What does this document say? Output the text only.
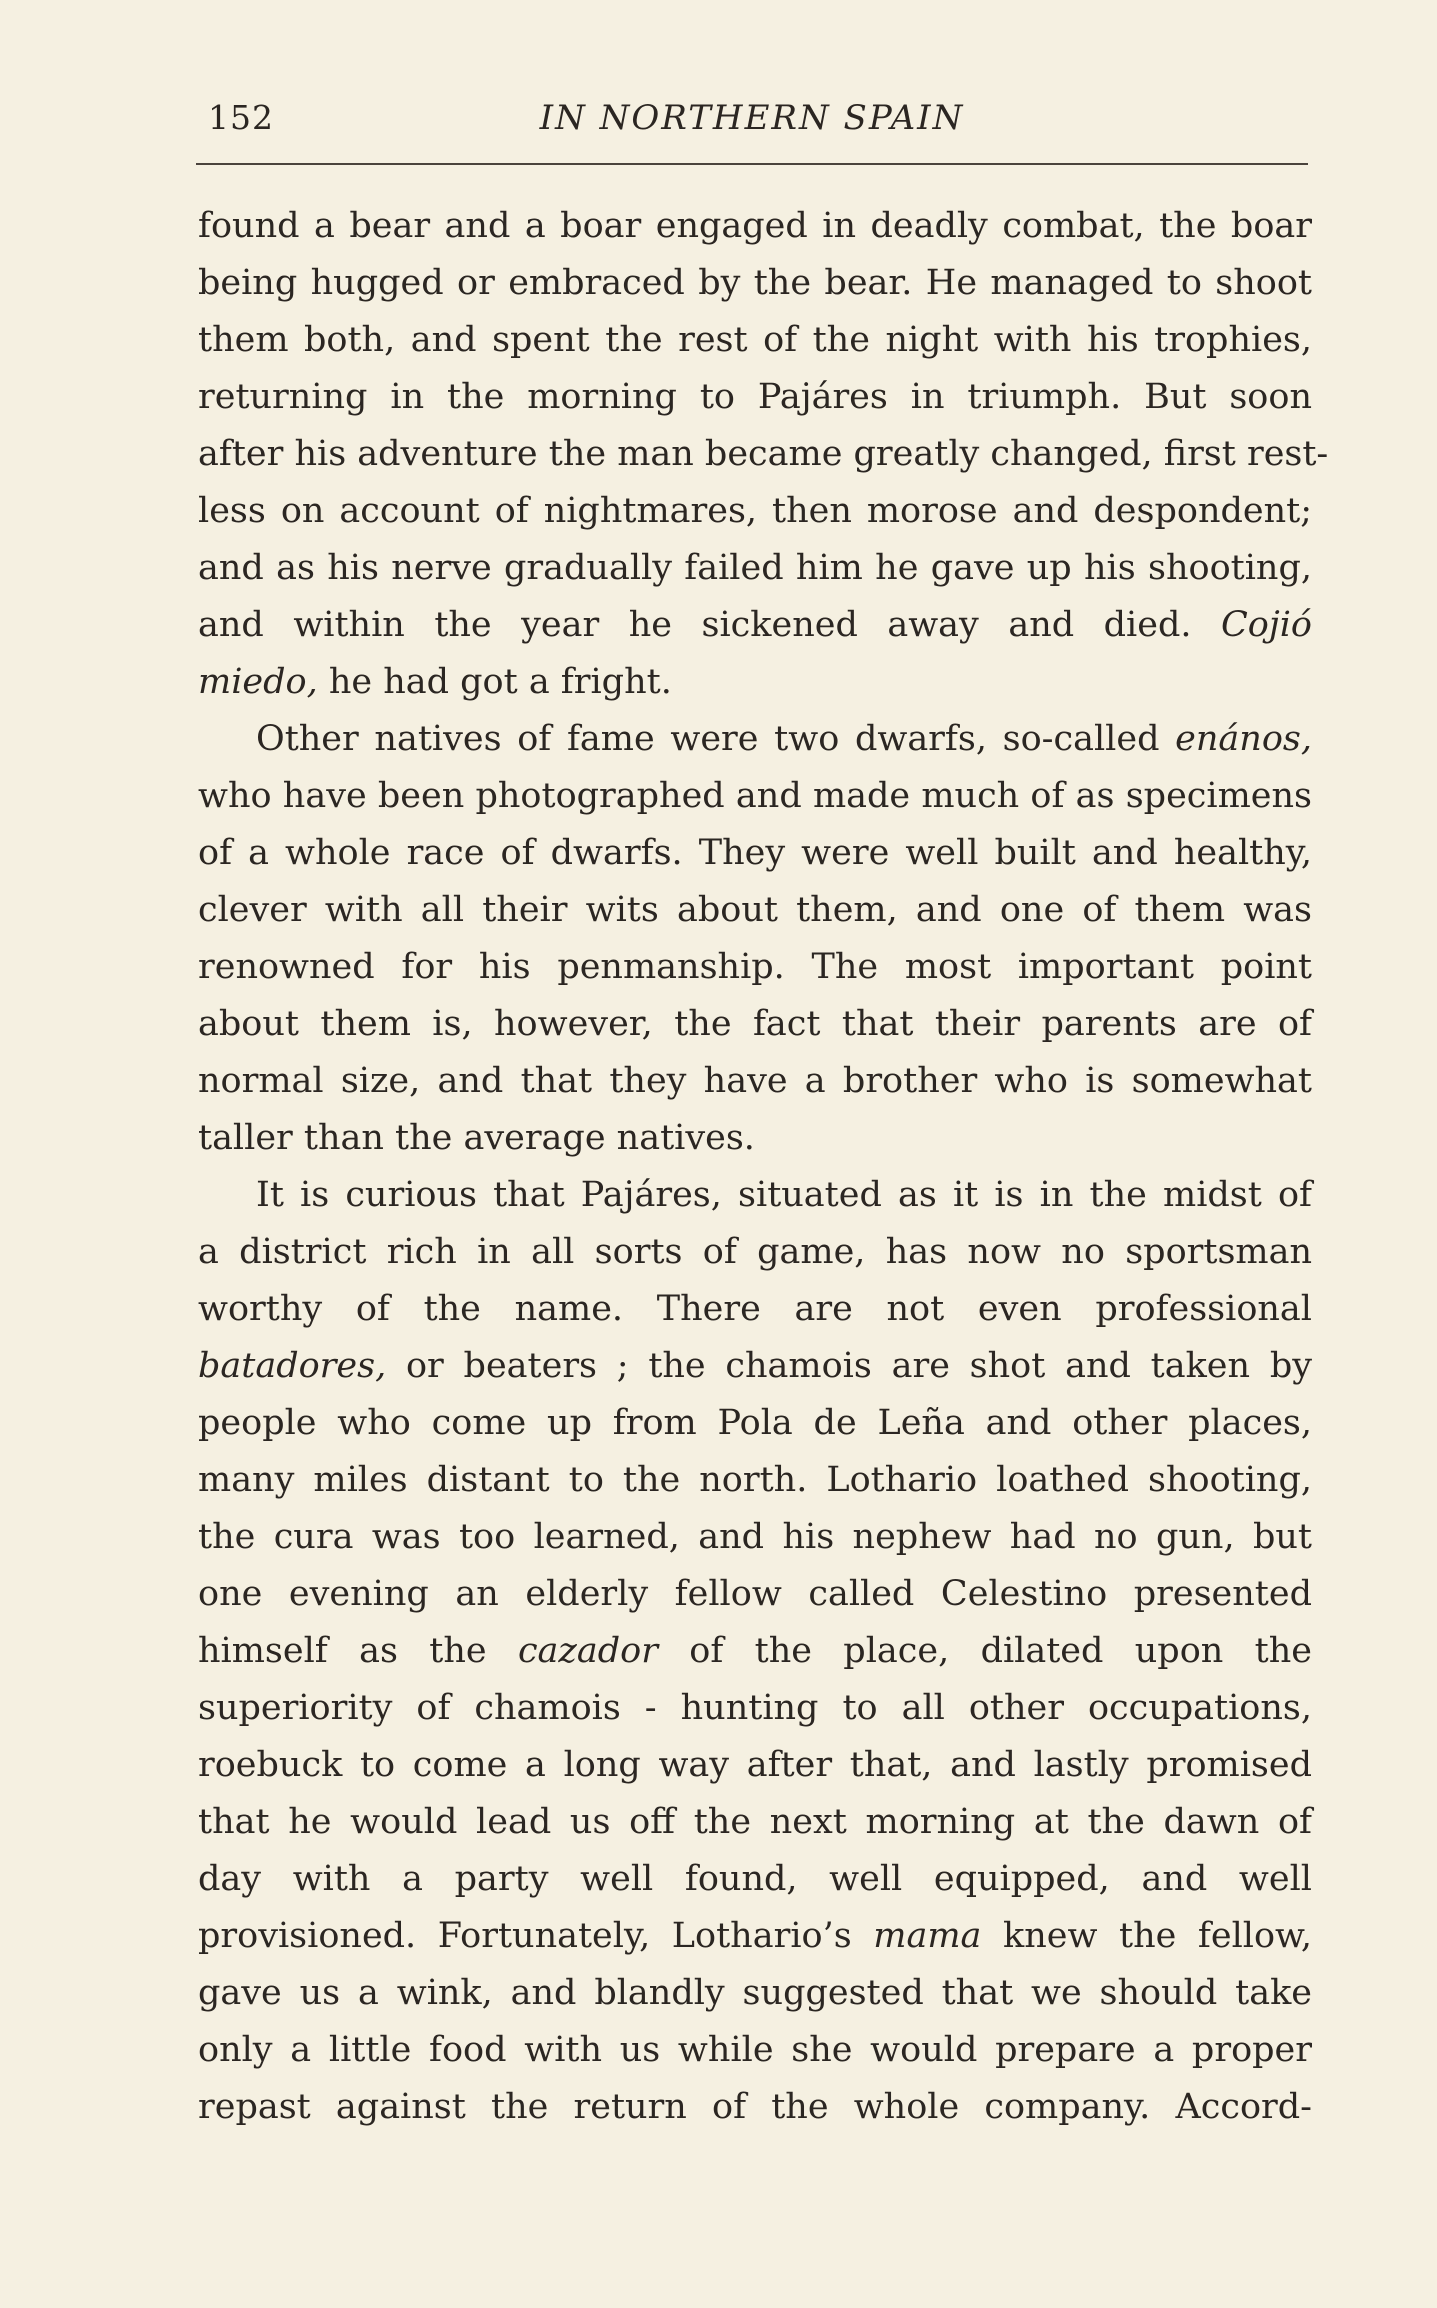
152	IN NORTHERN SPAIN
found a bear and a boar engaged in deadly combat, the boar
being hugged or embraced by the bear. He managed to shoot
them both, and spent the rest of the night with his trophies,
returning in the morning to Pajáres in triumph. But soon
after his adventure the man became greatly changed, first rest-
less on account of nightmares, then morose and despondent;
and as his nerve gradually failed him he gave up his shooting,
and within the year he sickened away and died. Cojió
miedo, he had got a fright.
Other natives of fame were two dwarfs, so-called enános,
who have been photographed and made much of as specimens
of a whole race of dwarfs. They were well built and healthy,
clever with all their wits about them, and one of them was
renowned for his penmanship. The most important point
about them is, however, the fact that their parents are of
normal size, and that they have a brother who is somewhat
taller than the average natives.
It is curious that Pajáres, situated as it is in the midst of
a district rich in all sorts of game, has now no sportsman
worthy of the name. There are not even professional
batadores, or beaters ; the chamois are shot and taken by
people who come up from Pola de Leña and other places,
many miles distant to the north. Lothario loathed shooting,
the cura was too learned, and his nephew had no gun, but
one evening an elderly fellow called Celestino presented
himself as the cazador of the place, dilated upon the
superiority of chamois - hunting to all other occupations,
roebuck to come a long way after that, and lastly promised
that he would lead us off the next morning at the dawn of
day with a party well found, well equipped, and well
provisioned. Fortunately, Lothario’s mama knew the fellow,
gave us a wink, and blandly suggested that we should take
only a little food with us while she would prepare a proper
repast against the return of the whole company. Accord-
